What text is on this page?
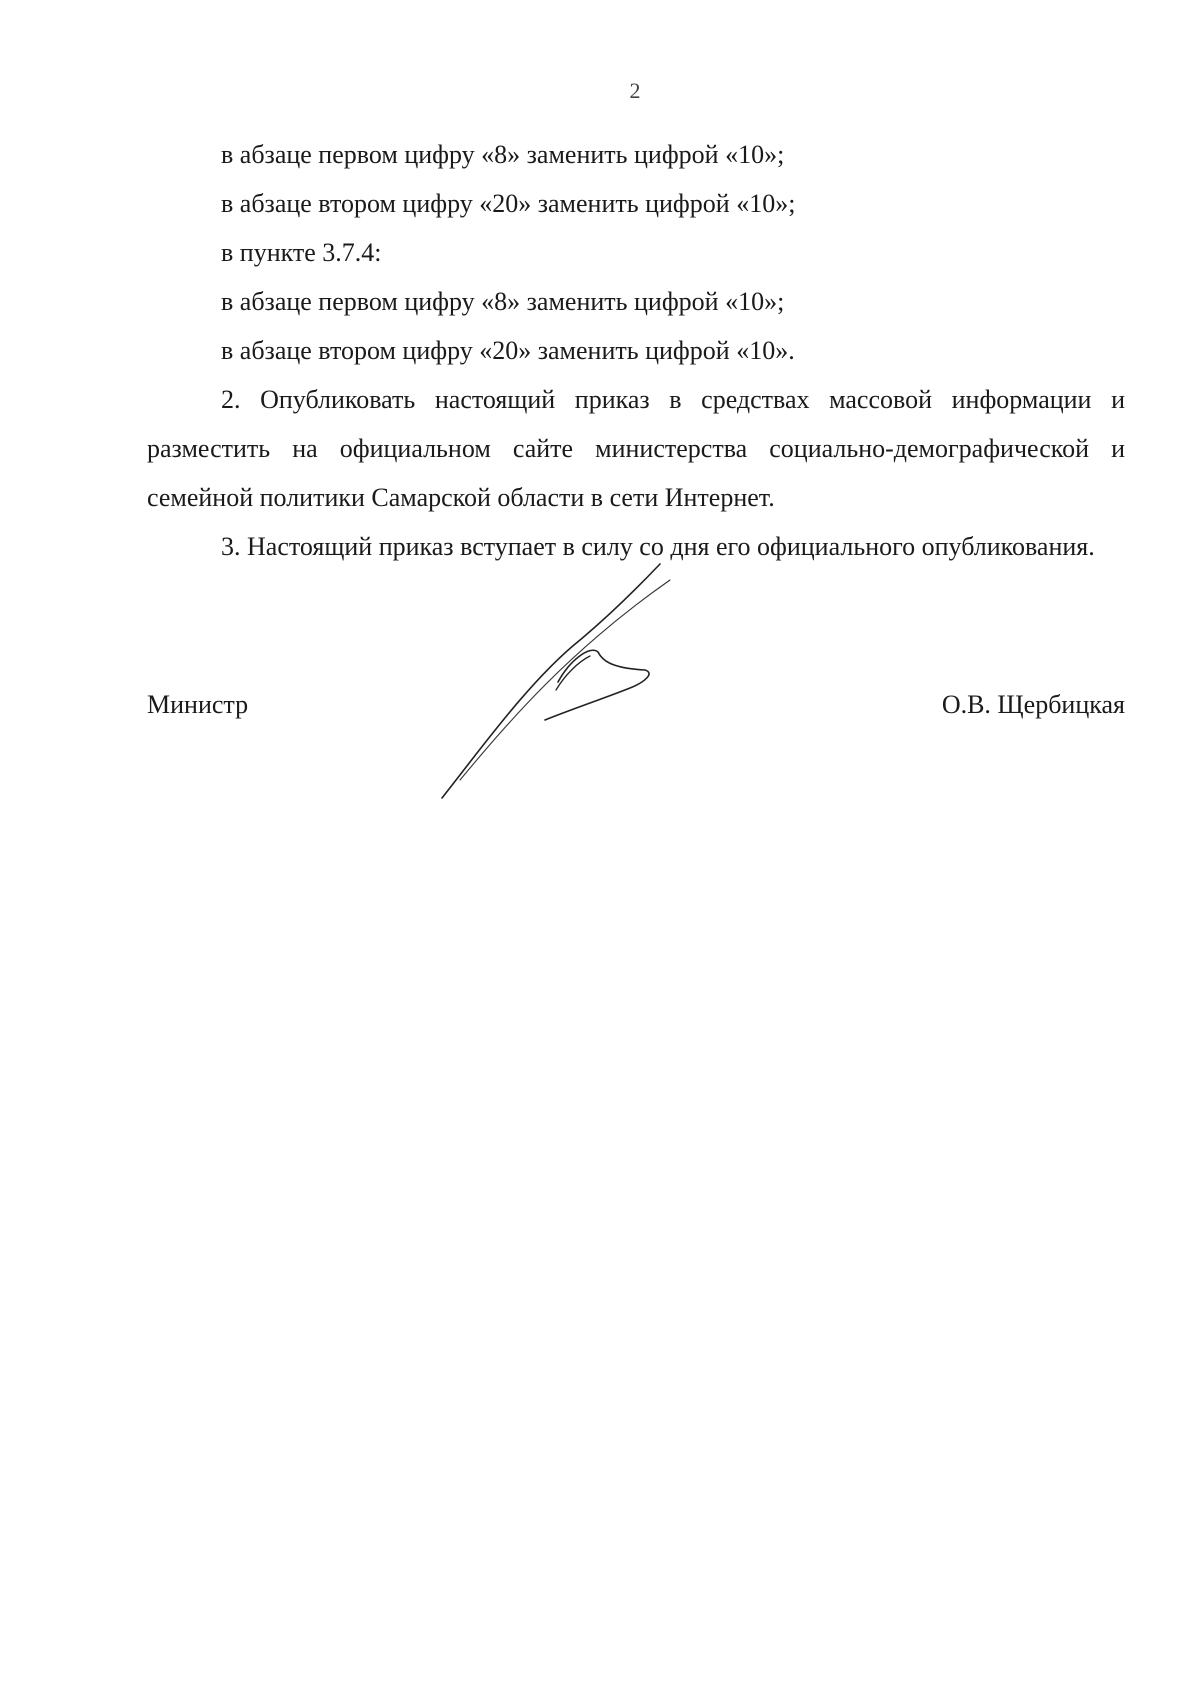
2

в абзаце первом цифру «8» заменить цифрой «10»;

в абзаце втором цифру «20» заменить цифрой «10»;

в пункте 3.7.4:

в абзаце первом цифру «8» заменить цифрой «10»;

в абзаце втором цифру «20» заменить цифрой «10».

2. Опубликовать настоящий приказ в средствах массовой информации и разместить на официальном сайте министерства социально-демографической и семейной политики Самарской области в сети Интернет.

3. Настоящий приказ вступает в силу со дня его официального опубликования.

Министр	О.В. Щербицкая
